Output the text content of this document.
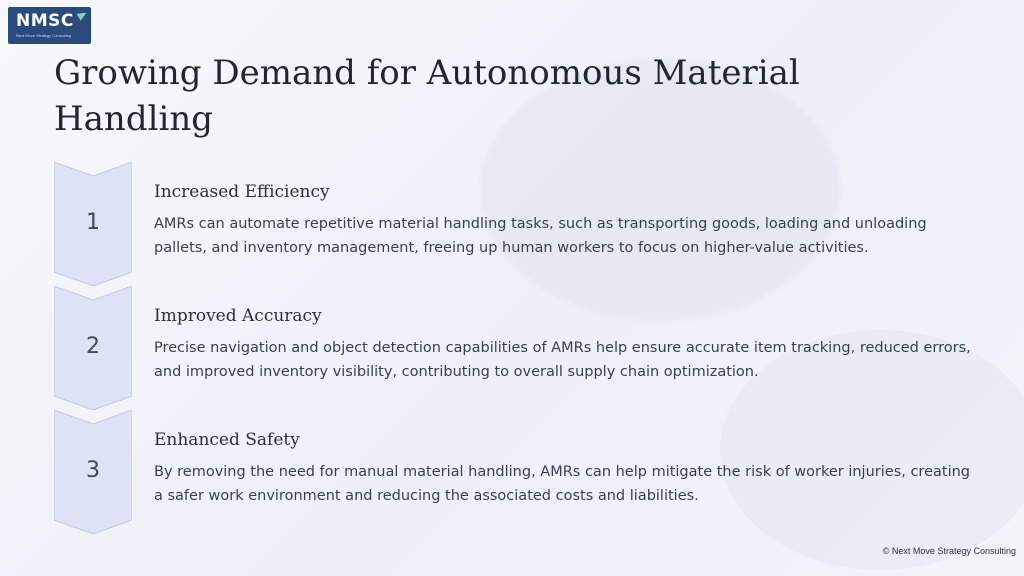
NMSC
Next Move Strategy Consulting
Growing Demand for Autonomous Material Handling
1
Increased Efficiency
AMRs can automate repetitive material handling tasks, such as transporting goods, loading and unloading pallets, and inventory management, freeing up human workers to focus on higher-value activities.
2
Improved Accuracy
Precise navigation and object detection capabilities of AMRs help ensure accurate item tracking, reduced errors, and improved inventory visibility, contributing to overall supply chain optimization.
3
Enhanced Safety
By removing the need for manual material handling, AMRs can help mitigate the risk of worker injuries, creating a safer work environment and reducing the associated costs and liabilities.
© Next Move Strategy Consulting
